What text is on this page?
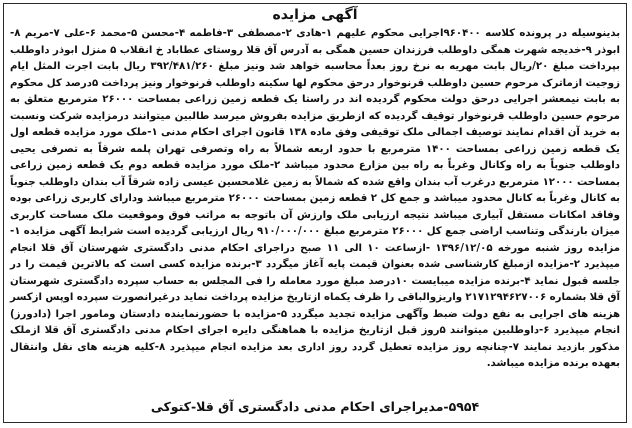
آگهی مزایده
بدینوسیله در پرونده کلاسه ۹۶۰۴۰۰اجرایی محکوم علیهم ۱-هادی ۲-مصطفی ۳-فاطمه ۴-محسن ۵-محمد ۶-علی ۷-مریم ۸-ابوذر ۹-خدیجه شهرت همگی داوطلب فرزندان حسین همگی به آدرس آق قلا روستای عطاباد خ انقلاب ۵ منزل ابوذر داوطلب بپرداخت مبلغ ۲۰/ریال بابت مهریه به نرخ روز بعداً محاسبه خواهد شد ونیز مبلغ ۳۹۲/۴۸۱/۲۶۰ ریال بابت اجرت المثل ایام زوجیت ازماترک مرحوم حسین داوطلب قرنوخوار درحق محکوم لها سکینه داوطلب قرنوخوار ونیز پرداخت ۵درصد کل محکوم به بابت نیمعشر اجرایی درحق دولت محکوم گردیده اند در راستا یک قطعه زمین زراعی بمساحت ۲۶۰۰۰ مترمربع متعلق به مرحوم حسین داوطلب قرنوخوار توقیف گردیده که ازطریق مزایده بفروش میرسد طالبین میتوانند درمزایده شرکت ونسبت به خرید آن اقدام نمایند توصیف اجمالی ملک توقیفی وفق ماده ۱۳۸ قانون اجرای احکام مدنی ۱-ملک مورد مزایده قطعه اول یک قطعه زمین زراعی بمساحت ۱۴۰۰ مترمربع با حدود اربعه شمالاً به راه وتصرفی تهران پلمه شرقاً به تصرفی یحیی داوطلب جنوباً به راه وکانال وغرباً به راه بین مزارع محدود میباشد ۲-ملک مورد مزایده قطعه دوم یک قطعه زمین زراعی بمساحت ۱۲۰۰۰ مترمربع درغرب آب بندان واقع شده که شمالاً به زمین غلامحسین عیسی زاده شرقاً آب بندان داوطلب جنوباً به کانال وغرباً به کانال محدود میباشد و جمع کل ۲ قطعه زمین بمساحت ۲۶۰۰۰ مترمربع میباشد ودارای کاربری زراعی بوده وفاقد امکانات مستقل آبیاری میباشد نتیجه ارزیابی ملک وارزش آن باتوجه به مراتب فوق وموقعیت ملک مساحت کاربری میزان بارندگی وتناسب اراضی جمع کل ۲۶۰۰۰ مترمربع مبلغ ۹۱۰/۰۰۰/۰۰۰ ریال ارزیابی گردیده است شرایط آگهی مزایده ۱-مزایده روز شنبه مورخه ۱۳۹۶/۱۲/۰۵ -ازساعت ۱۰ الی ۱۱ صبح دراجرای احکام مدنی دادگستری شهرستان آق قلا انجام میپذیرد ۲-مزایده ازمبلغ کارشناسی شده بعنوان قیمت پایه آغاز میگردد ۳-برنده مزایده کسی است که بالاترین قیمت را در جلسه قبول نماید ۴-برنده مزایده میبایست ۱۰درصد مبلغ مورد معامله را فی المجلس به حساب سپرده دادگستری شهرستان آق قلا بشماره ۲۱۷۱۲۹۴۶۲۷۰۰۶ واریزوالباقی را ظرف یکماه ازتاریخ مزایده پرداخت نماید درغیرانصورت سپرده اوپس ازکسر هزینه های اجرایی به نفع دولت ضبط وآگهی مزایده تجدید میگردد ۵-مزایده با حضورنماینده دادستان ومامور اجرا (دادورز) انجام میپذیرد ۶-داوطلبین میتوانند ۵روز قبل ازتاریخ مزایده با هماهنگی دایره اجرای احکام مدنی دادگستری آق قلا ازملک مذکور بازدید نمایند ۷-چنانچه روز مزایده تعطیل گردد روز اداری بعد مزایده انجام میپذیرد ۸-کلیه هزینه های نقل وانتقال بعهده برنده مزایده میباشد.
۵۹۵۴-مدیراجرای احکام مدنی دادگستری آق قلا-کتوکی
